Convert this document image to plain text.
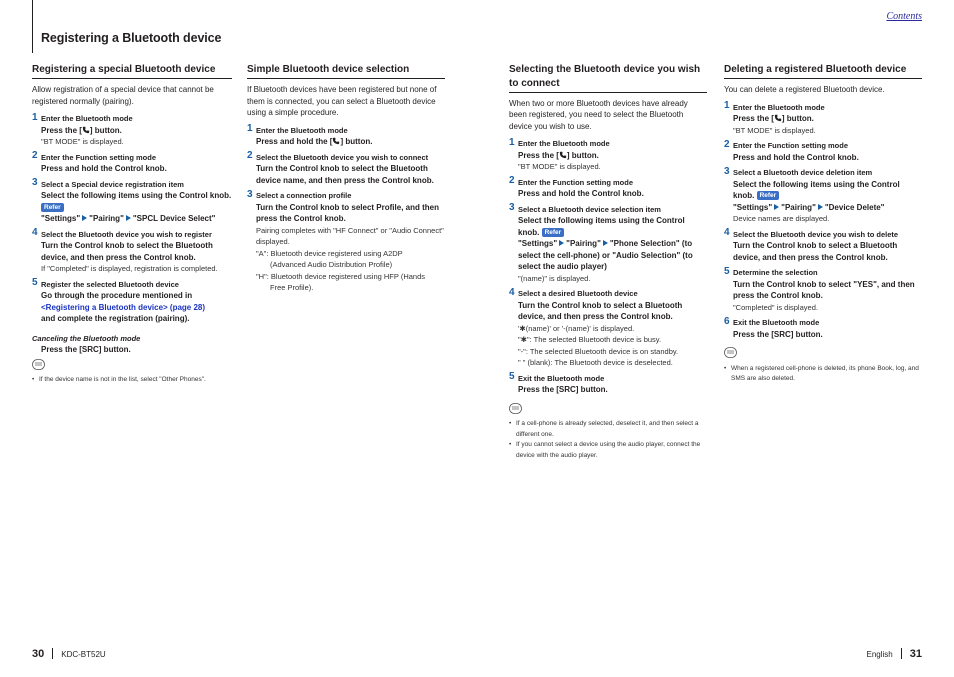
Registering a Bluetooth device
Contents
Registering a special Bluetooth device
Allow registration of a special device that cannot be registered normally (pairing).
1 Enter the Bluetooth mode
Press the [ ] button.
"BT MODE" is displayed.
2 Enter the Function setting mode
Press and hold the Control knob.
3 Select a Special device registration item
Select the following items using the Control knob. Refer
"Settings" "Pairing" "SPCL Device Select"
4 Select the Bluetooth device you wish to register
Turn the Control knob to select the Bluetooth device, and then press the Control knob.
If "Completed" is displayed, registration is completed.
5 Register the selected Bluetooth device
Go through the procedure mentioned in
<Registering a Bluetooth device> (page 28)
and complete the registration (pairing).
Canceling the Bluetooth mode
Press the [SRC] button.
• If the device name is not in the list, select "Other Phones".
Simple Bluetooth device selection
If Bluetooth devices have been registered but none of them is connected, you can select a Bluetooth device using a simple procedure.
1 Enter the Bluetooth mode
Press and hold the [ ] button.
2 Select the Bluetooth device you wish to connect
Turn the Control knob to select the Bluetooth device name, and then press the Control knob.
3 Select a connection profile
Turn the Control knob to select Profile, and then press the Control knob.
Pairing completes with "HF Connect" or "Audio Connect" displayed.
"A": Bluetooth device registered using A2DP
(Advanced Audio Distribution Profile)
"H": Bluetooth device registered using HFP (Hands
Free Profile).
Selecting the Bluetooth device you wish to connect
When two or more Bluetooth devices have already been registered, you need to select the Bluetooth device you wish to use.
1 Enter the Bluetooth mode
Press the [ ] button.
"BT MODE" is displayed.
2 Enter the Function setting mode
Press and hold the Control knob.
3 Select a Bluetooth device selection item
Select the following items using the Control knob. Refer
"Settings" "Pairing" "Phone Selection" (to select the cell-phone) or "Audio Selection" (to select the audio player)
"(name)" is displayed.
4 Select a desired Bluetooth device
Turn the Control knob to select a Bluetooth device, and then press the Control knob.
'✱(name)' or '-(name)' is displayed.
"✱": The selected Bluetooth device is busy.
"-": The selected Bluetooth device is on standby.
" " (blank): The Bluetooth device is deselected.
5 Exit the Bluetooth mode
Press the [SRC] button.
• If a cell-phone is already selected, deselect it, and then select a different one.
• If you cannot select a device using the audio player, connect the device with the audio player.
Deleting a registered Bluetooth device
You can delete a registered Bluetooth device.
1 Enter the Bluetooth mode
Press the [ ] button.
"BT MODE" is displayed.
2 Enter the Function setting mode
Press and hold the Control knob.
3 Select a Bluetooth device deletion item
Select the following items using the Control knob. Refer
"Settings" "Pairing" "Device Delete"
Device names are displayed.
4 Select the Bluetooth device you wish to delete
Turn the Control knob to select a Bluetooth device, and then press the Control knob.
5 Determine the selection
Turn the Control knob to select "YES", and then press the Control knob.
"Completed" is displayed.
6 Exit the Bluetooth mode
Press the [SRC] button.
• When a registered cell-phone is deleted, its phone Book, log, and SMS are also deleted.
30 KDC-BT52U	English 31
